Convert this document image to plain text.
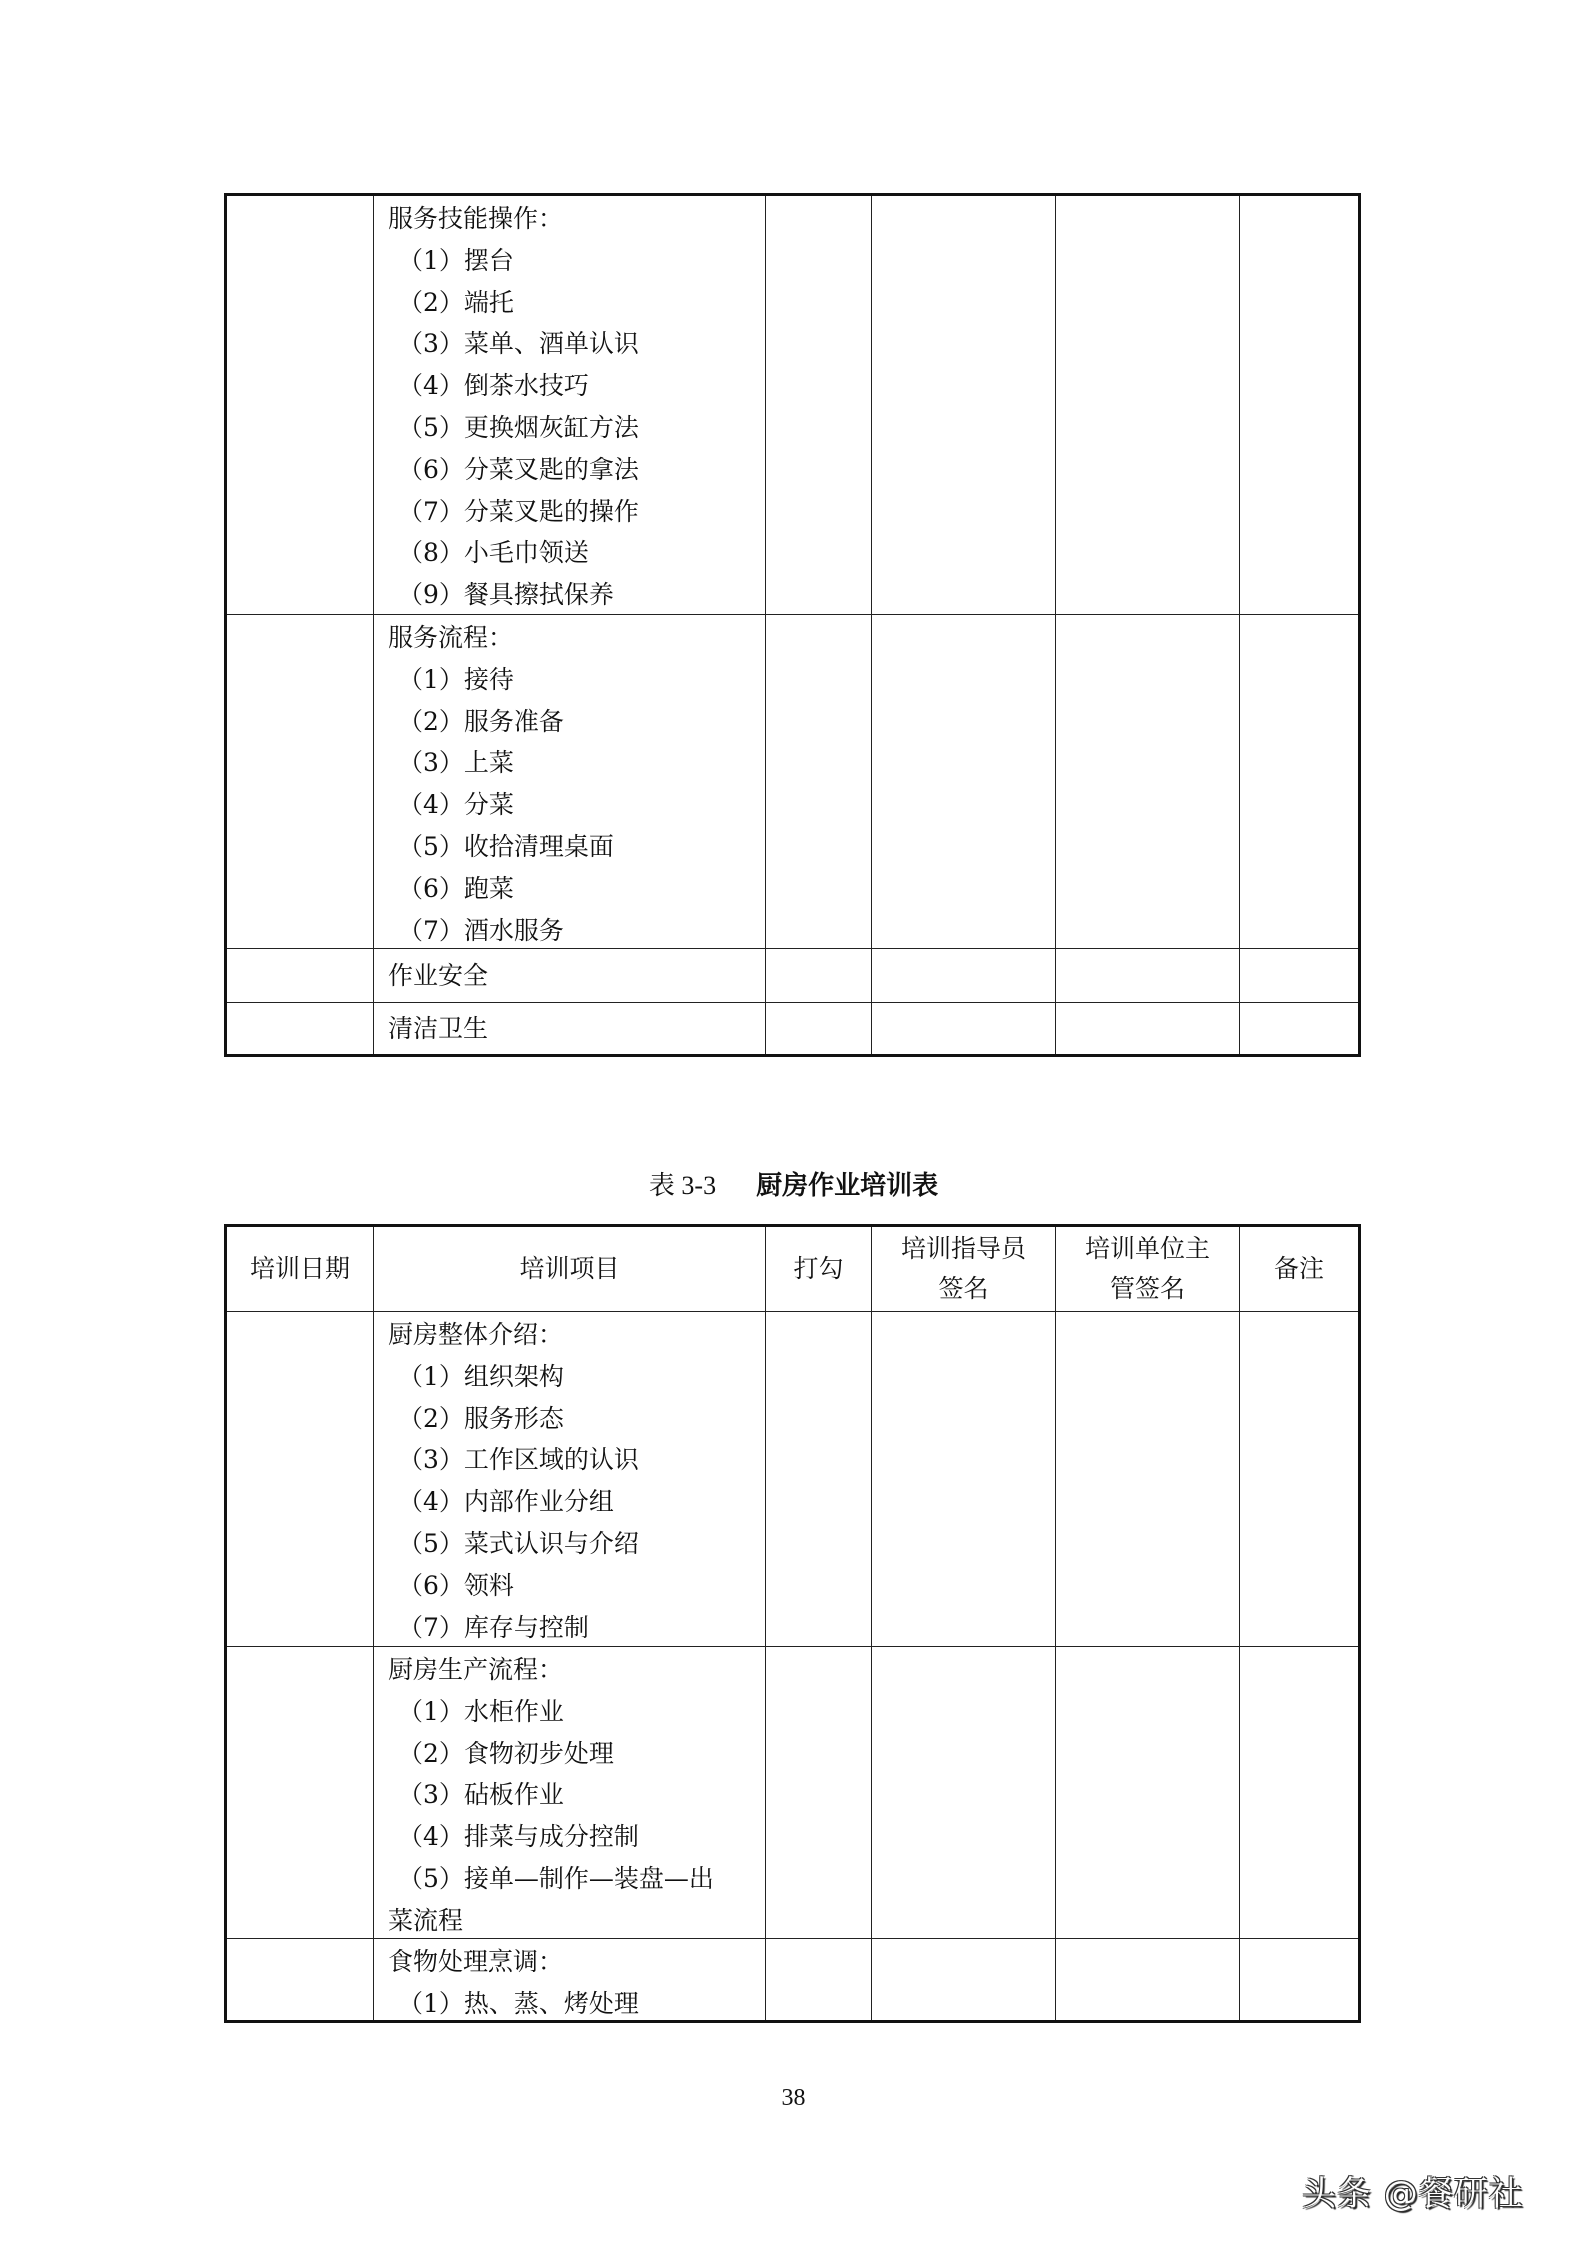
服务技能操作：
（1）摆台
（2）端托
（3）菜单、酒单认识
（4）倒茶水技巧
（5）更换烟灰缸方法
（6）分菜叉匙的拿法
（7）分菜叉匙的操作
（8）小毛巾领送
（9）餐具擦拭保养
服务流程：
（1）接待
（2）服务准备
（3）上菜
（4）分菜
（5）收拾清理桌面
（6）跑菜
（7）酒水服务
作业安全
清洁卫生
表 3-3 厨房作业培训表
培训日期	培训项目	打勾
培训指导员
签名
培训单位主
管签名
备注
厨房整体介绍：
（1）组织架构
（2）服务形态
（3）工作区域的认识
（4）内部作业分组
（5）菜式认识与介绍
（6）领料
（7）库存与控制
厨房生产流程：
（1）水柜作业
（2）食物初步处理
（3）砧板作业
（4）排菜与成分控制
（5）接单—制作—装盘—出
菜流程
食物处理烹调：
（1）热、蒸、烤处理
38
头条 @餐研社
